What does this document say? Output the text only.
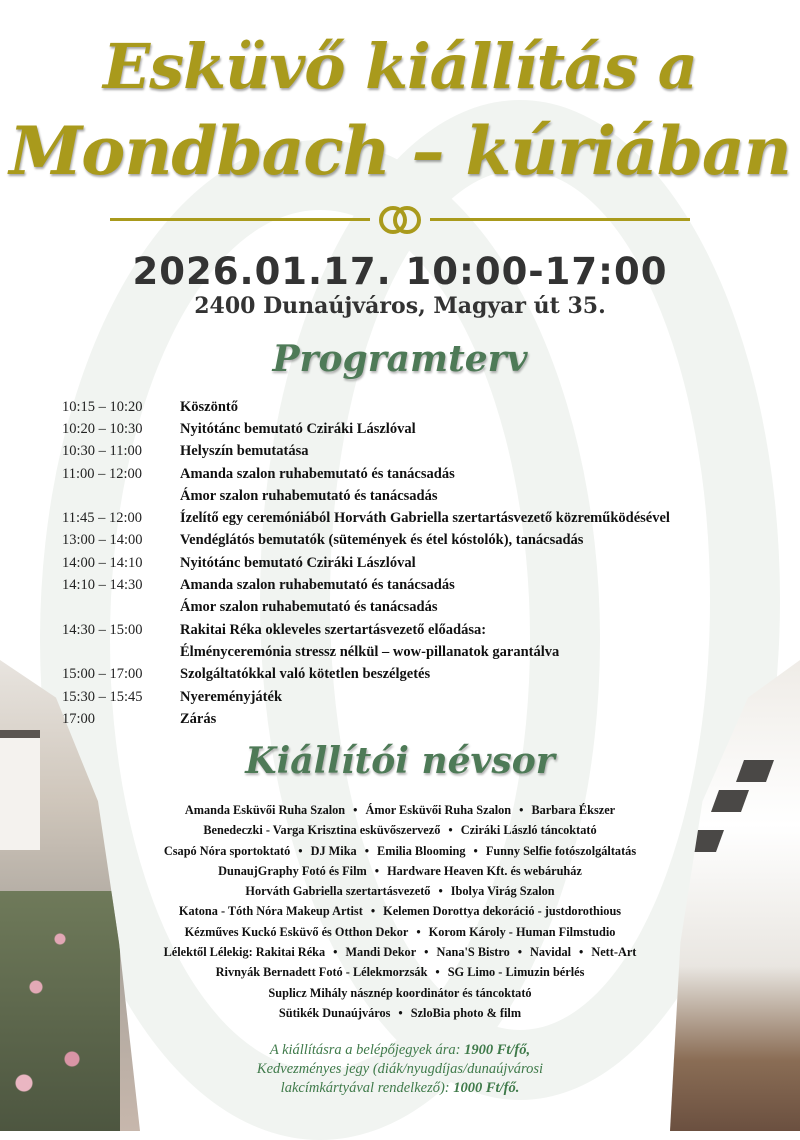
Esküvő kiállítás a
Mondbach – kúriában
2026.01.17. 10:00-17:00
2400 Dunaújváros, Magyar út 35.
Programterv
10:15 – 10:20	Köszöntő
10:20 – 10:30	Nyitótánc bemutató Cziráki Lászlóval
10:30 – 11:00	Helyszín bemutatása
11:00 – 12:00	Amanda szalon ruhabemutató és tanácsadás
Ámor szalon ruhabemutató és tanácsadás
11:45 – 12:00	Ízelítő egy ceremóniából Horváth Gabriella szertartásvezető közreműködésével
13:00 – 14:00	Vendéglátós bemutatók (sütemények és étel kóstolók), tanácsadás
14:00 – 14:10	Nyitótánc bemutató Cziráki Lászlóval
14:10 – 14:30	Amanda szalon ruhabemutató és tanácsadás
Ámor szalon ruhabemutató és tanácsadás
14:30 – 15:00	Rakitai Réka okleveles szertartásvezető előadása:
Élményceremónia stressz nélkül – wow-pillanatok garantálva
15:00 – 17:00	Szolgáltatókkal való kötetlen beszélgetés
15:30 – 15:45	Nyereményjáték
17:00	Zárás
Kiállítói névsor
Amanda Esküvői Ruha Szalon • Ámor Esküvői Ruha Szalon • Barbara Ékszer
Benedeczki - Varga Krisztina esküvőszervező • Cziráki László táncoktató
Csapó Nóra sportoktató • DJ Mika • Emilia Blooming • Funny Selfie fotószolgáltatás
DunaujGraphy Fotó és Film • Hardware Heaven Kft. és webáruház
Horváth Gabriella szertartásvezető • Ibolya Virág Szalon
Katona - Tóth Nóra Makeup Artist • Kelemen Dorottya dekoráció - justdorothious
Kézműves Kuckó Esküvő és Otthon Dekor • Korom Károly - Human Filmstudio
Lélektől Lélekig: Rakitai Réka • Mandi Dekor • Nana'S Bistro • Navidal • Nett-Art
Rivnyák Bernadett Fotó - Lélekmorzsák • SG Limo - Limuzin bérlés
Suplicz Mihály násznép koordinátor és táncoktató
Sütikék Dunaújváros • SzloBia photo & film
A kiállításra a belépőjegyek ára: 1900 Ft/fő,
Kedvezményes jegy (diák/nyugdíjas/dunaújvárosi
lakcímkártyával rendelkező): 1000 Ft/fő.
